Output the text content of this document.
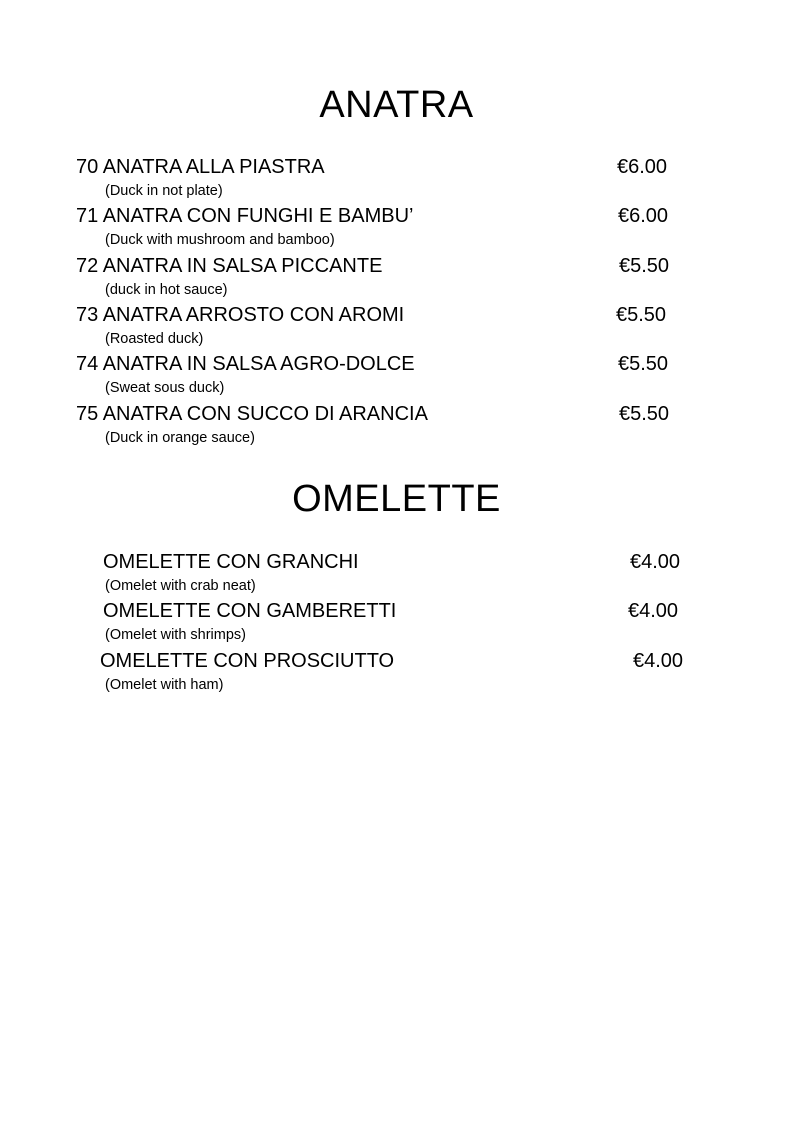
ANATRA
70 ANATRA ALLA PIASTRA	€6.00
(Duck in not plate)
71 ANATRA CON FUNGHI E BAMBU’	€6.00
(Duck with mushroom and bamboo)
72 ANATRA IN SALSA PICCANTE	€5.50
(duck in hot sauce)
73 ANATRA ARROSTO CON AROMI	€5.50
(Roasted duck)
74 ANATRA IN SALSA AGRO-DOLCE	€5.50
(Sweat sous duck)
75 ANATRA CON SUCCO DI ARANCIA	€5.50
(Duck in orange sauce)
OMELETTE
OMELETTE CON GRANCHI	€4.00
(Omelet with crab neat)
OMELETTE CON GAMBERETTI	€4.00
(Omelet with shrimps)
OMELETTE CON PROSCIUTTO	€4.00
(Omelet with ham)
